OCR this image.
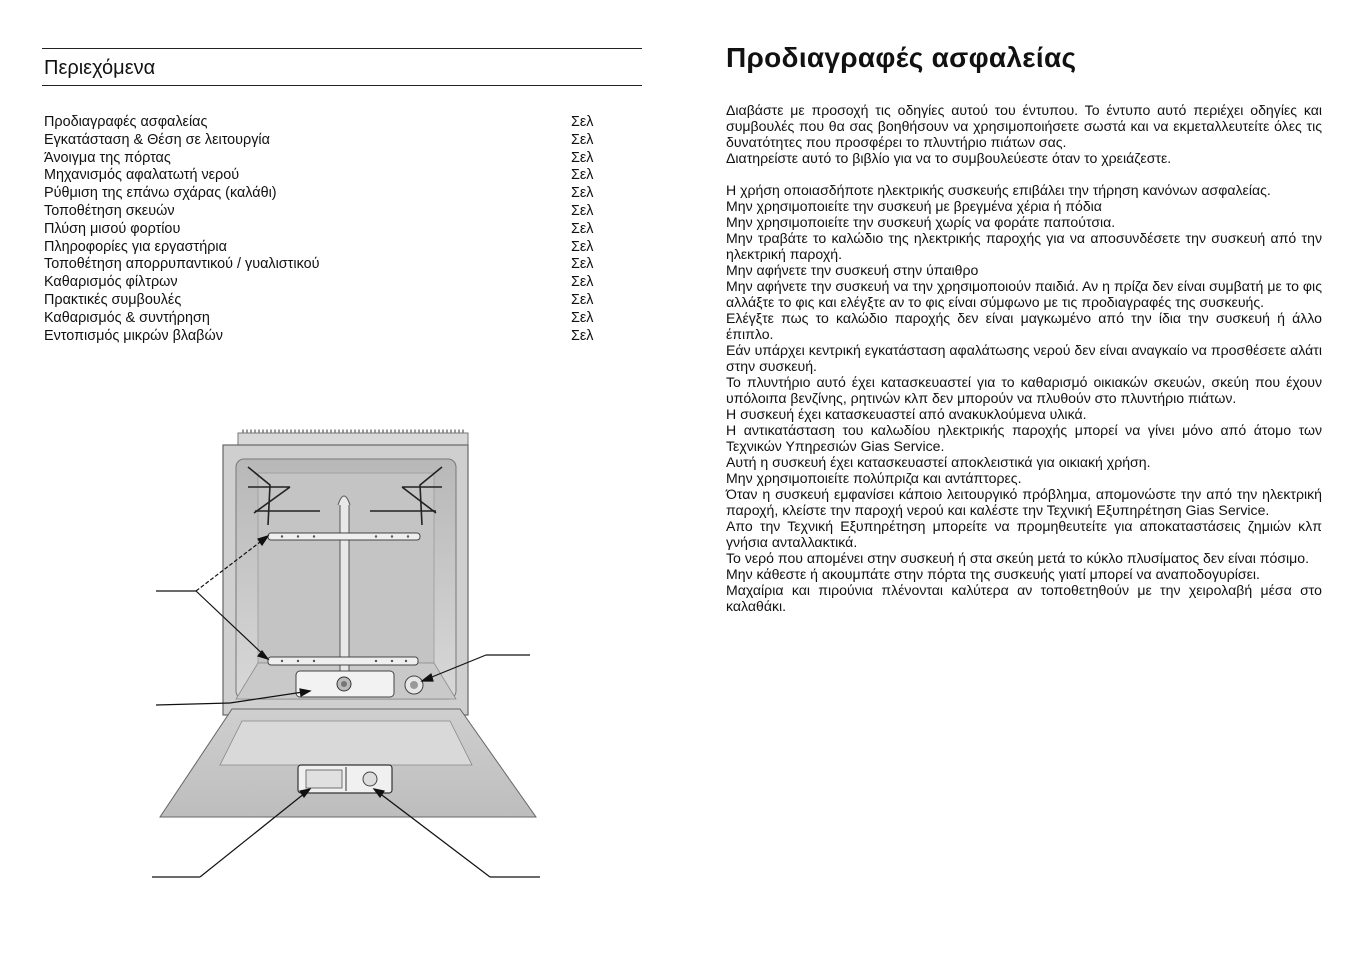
Περιεχόμενα
Προδιαγραφές ασφαλείας	Σελ
Εγκατάσταση & Θέση σε λειτουργία	Σελ
Άνοιγμα της πόρτας	Σελ
Μηχανισμός αφαλατωτή νερού	Σελ
Ρύθμιση της επάνω σχάρας (καλάθι)	Σελ
Τοποθέτηση σκευών	Σελ
Πλύση μισού φορτίου	Σελ
Πληροφορίες για εργαστήρια	Σελ
Τοποθέτηση απορρυπαντικού / γυαλιστικού	Σελ
Καθαρισμός φίλτρων	Σελ
Πρακτικές συμβουλές	Σελ
Καθαρισμός & συντήρηση	Σελ
Εντοπισμός μικρών βλαβών	Σελ
Προδιαγραφές ασφαλείας

Διαβάστε με προσοχή τις οδηγίες αυτού του έντυπου. Το έντυπο αυτό περιέχει οδηγίες και συμβουλές που θα σας βοηθήσουν να χρησιμοποιήσετε σωστά και να εκμεταλλευτείτε όλες τις δυνατότητες που προσφέρει το πλυντήριο πιάτων σας.

Διατηρείστε αυτό το βιβλίο για να το συμβουλεύεστε όταν το χρειάζεστε.

Η χρήση οποιασδήποτε ηλεκτρικής συσκευής επιβάλει την τήρηση κανόνων ασφαλείας.

Μην χρησιμοποιείτε την συσκευή με βρεγμένα χέρια ή πόδια

Μην χρησιμοποιείτε την συσκευή χωρίς να φοράτε παπούτσια.

Μην τραβάτε το καλώδιο της ηλεκτρικής παροχής για να αποσυνδέσετε την συσκευή από την ηλεκτρική παροχή.

Μην αφήνετε την συσκευή στην ύπαιθρο

Μην αφήνετε την συσκευή να την χρησιμοποιούν παιδιά. Αν η πρίζα δεν είναι συμβατή με το φις αλλάξτε το φις και ελέγξτε αν το φις είναι σύμφωνο με τις προδιαγραφές της συσκευής.

Ελέγξτε πως το καλώδιο παροχής δεν είναι μαγκωμένο από την ίδια την συσκευή ή άλλο έπιπλο.

Εάν υπάρχει κεντρική εγκατάσταση αφαλάτωσης νερού δεν είναι αναγκαίο να προσθέσετε αλάτι στην συσκευή.

Το πλυντήριο αυτό έχει κατασκευαστεί για το καθαρισμό οικιακών σκευών, σκεύη που έχουν υπόλοιπα βενζίνης, ρητινών κλπ δεν μπορούν να πλυθούν στο πλυντήριο πιάτων.

Η συσκευή έχει κατασκευαστεί από ανακυκλούμενα υλικά.

Η αντικατάσταση του καλωδίου ηλεκτρικής παροχής μπορεί να γίνει μόνο από άτομο των Τεχνικών Υπηρεσιών Gias Service.

Αυτή η συσκευή έχει κατασκευαστεί αποκλειστικά για οικιακή χρήση.

Μην χρησιμοποιείτε πολύπριζα και αντάπτορες.

Όταν η συσκευή εμφανίσει κάποιο λειτουργικό πρόβλημα, απομονώστε την από την ηλεκτρική παροχή, κλείστε την παροχή νερού και καλέστε την Τεχνική Εξυπηρέτηση Gias Service.

Απο την Τεχνική Εξυπηρέτηση μπορείτε να προμηθευτείτε για αποκαταστάσεις ζημιών κλπ γνήσια ανταλλακτικά.

Το νερό που απομένει στην συσκευή ή στα σκεύη μετά το κύκλο πλυσίματος δεν είναι πόσιμο.

Μην κάθεστε ή ακουμπάτε στην πόρτα της συσκευής γιατί μπορεί να αναποδογυρίσει.

Μαχαίρια και πιρούνια πλένονται καλύτερα αν τοποθετηθούν με την χειρολαβή μέσα στο καλαθάκι.
